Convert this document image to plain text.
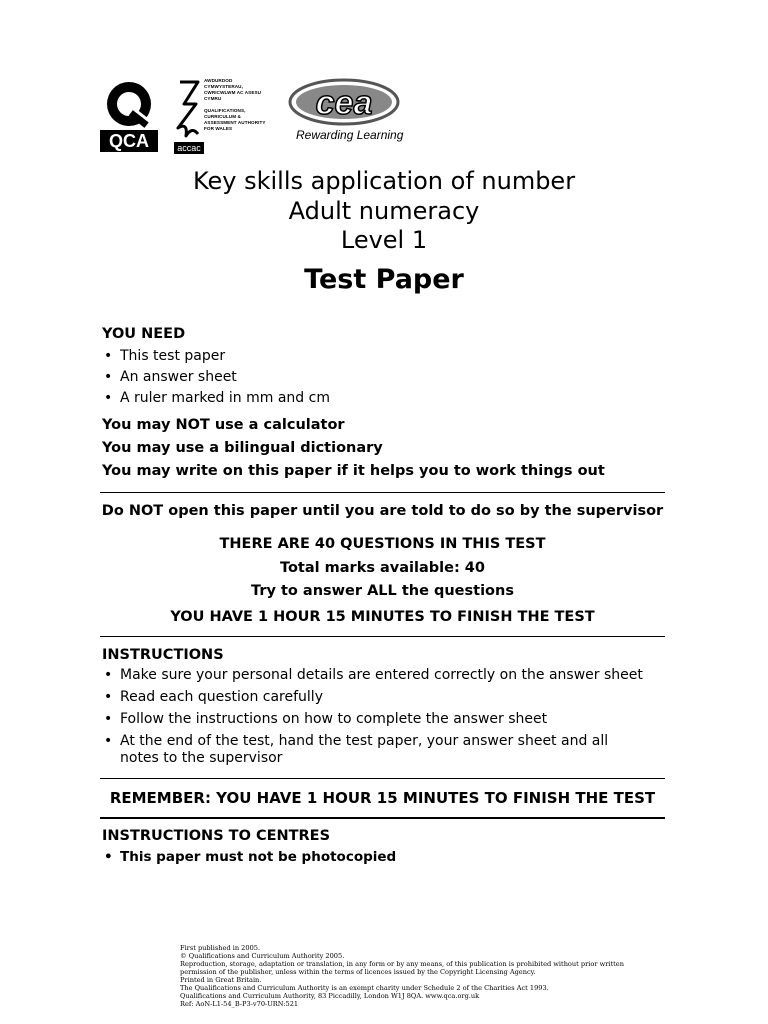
QCA
AWDURDOD
CYMWYSTERAU,
CWRICWLWM AC ASESU
CYMRU
QUALIFICATIONS,
CURRICULUM &
ASSESSMENT AUTHORITY
FOR WALES
accac
cea
Rewarding Learning
Key skills application of number
Adult numeracy
Level 1
Test Paper
YOU NEED
• This test paper
• An answer sheet
• A ruler marked in mm and cm
You may NOT use a calculator
You may use a bilingual dictionary
You may write on this paper if it helps you to work things out
Do NOT open this paper until you are told to do so by the supervisor
THERE ARE 40 QUESTIONS IN THIS TEST
Total marks available: 40
Try to answer ALL the questions
YOU HAVE 1 HOUR 15 MINUTES TO FINISH THE TEST
INSTRUCTIONS
• Make sure your personal details are entered correctly on the answer sheet
• Read each question carefully
• Follow the instructions on how to complete the answer sheet
• At the end of the test, hand the test paper, your answer sheet and all notes to the supervisor
REMEMBER: YOU HAVE 1 HOUR 15 MINUTES TO FINISH THE TEST
INSTRUCTIONS TO CENTRES
• This paper must not be photocopied
First published in 2005.
© Qualifications and Curriculum Authority 2005.
Reproduction, storage, adaptation or translation, in any form or by any means, of this publication is prohibited without prior written permission of the publisher, unless within the terms of licences issued by the Copyright Licensing Agency.
Printed in Great Britain.
The Qualifications and Curriculum Authority is an exempt charity under Schedule 2 of the Charities Act 1993.
Qualifications and Curriculum Authority, 83 Piccadilly, London W1J 8QA. www.qca.org.uk
Ref: AoN-L1-54_B-P3-v70-URN:521
